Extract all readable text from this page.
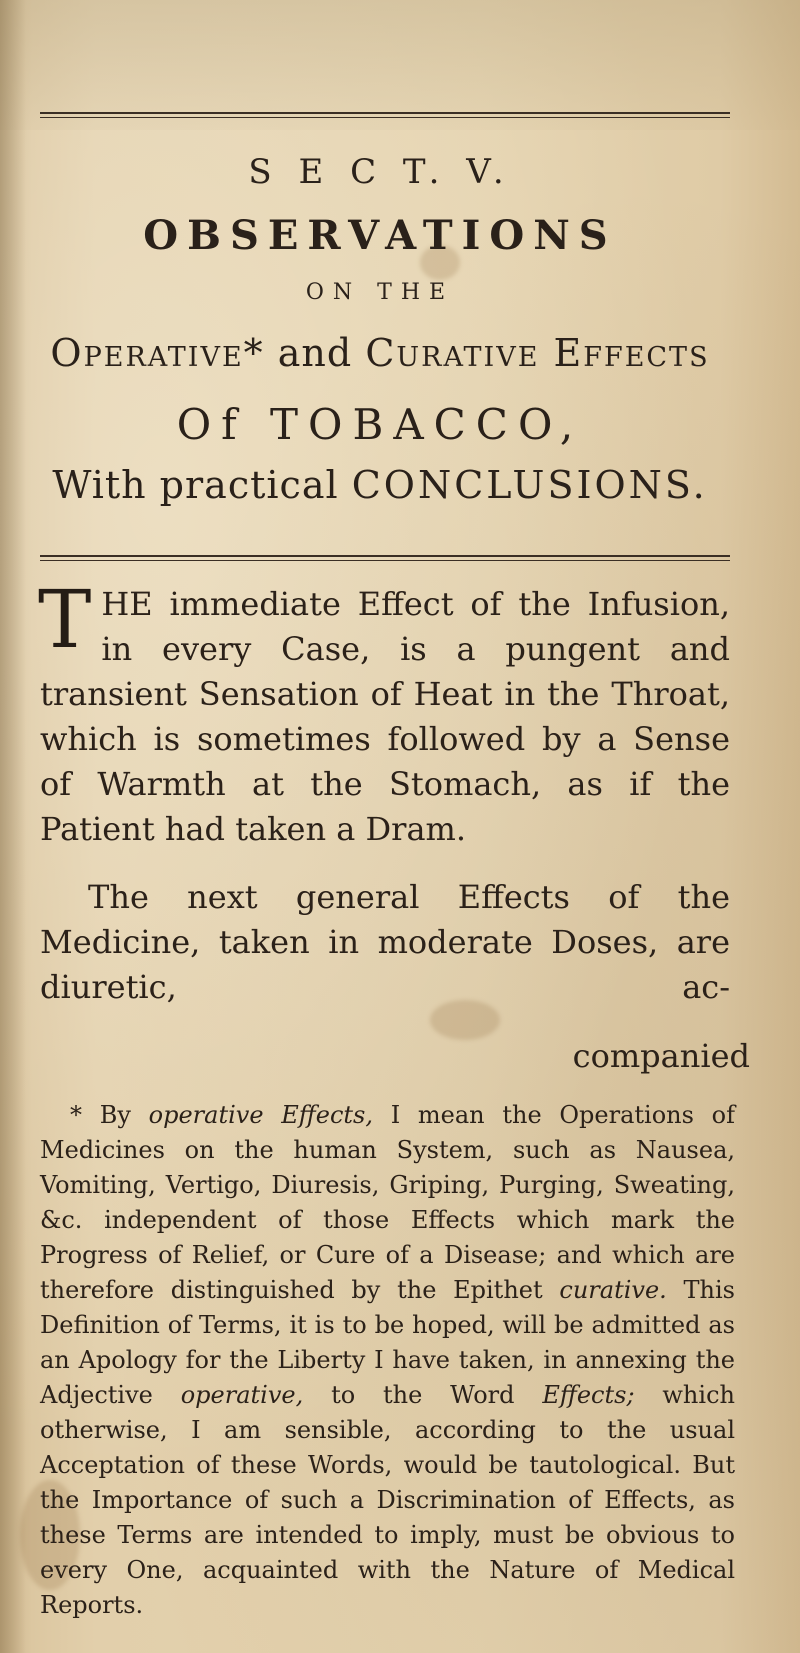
S E C T. V.
OBSERVATIONS
ON THE
Operative* and Curative Effects
Of TOBACCO,
With practical CONCLUSIONS.

THE immediate Effect of the Infusion, in every Case, is a pungent and transient Sensation of Heat in the Throat, which is sometimes followed by a Sense of Warmth at the Stomach, as if the Patient had taken a Dram.

The next general Effects of the Medicine, taken in moderate Doses, are diuretic, ac-

companied
* By operative Effects, I mean the Operations of Medicines on the human System, such as Nausea, Vomiting, Vertigo, Diuresis, Griping, Purging, Sweating, &c. independent of those Effects which mark the Progress of Relief, or Cure of a Disease; and which are therefore distinguished by the Epithet curative. This Definition of Terms, it is to be hoped, will be admitted as an Apology for the Liberty I have taken, in annexing the Adjective operative, to the Word Effects; which otherwise, I am sensible, according to the usual Acceptation of these Words, would be tautological. But the Importance of such a Discrimination of Effects, as these Terms are intended to imply, must be obvious to every One, acquainted with the Nature of Medical Reports.
